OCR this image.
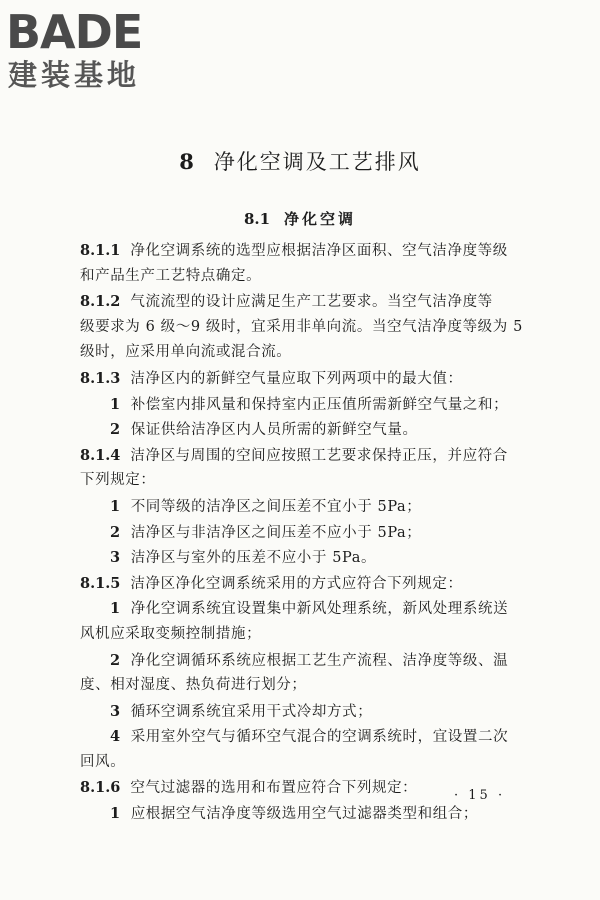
BADE
建装基地
8 净化空调及工艺排风
8.1 净化空调
8.1.1 净化空调系统的选型应根据洁净区面积、空气洁净度等级
和产品生产工艺特点确定。
8.1.2 气流流型的设计应满足生产工艺要求。当空气洁净度等
级要求为 6 级～9 级时，宜采用非单向流。当空气洁净度等级为 5
级时，应采用单向流或混合流。
8.1.3 洁净区内的新鲜空气量应取下列两项中的最大值：
1 补偿室内排风量和保持室内正压值所需新鲜空气量之和；
2 保证供给洁净区内人员所需的新鲜空气量。
8.1.4 洁净区与周围的空间应按照工艺要求保持正压，并应符合
下列规定：
1 不同等级的洁净区之间压差不宜小于 5Pa；
2 洁净区与非洁净区之间压差不应小于 5Pa；
3 洁净区与室外的压差不应小于 5Pa。
8.1.5 洁净区净化空调系统采用的方式应符合下列规定：
1 净化空调系统宜设置集中新风处理系统，新风处理系统送
风机应采取变频控制措施；
2 净化空调循环系统应根据工艺生产流程、洁净度等级、温
度、相对湿度、热负荷进行划分；
3 循环空调系统宜采用干式冷却方式；
4 采用室外空气与循环空气混合的空调系统时，宜设置二次
回风。
8.1.6 空气过滤器的选用和布置应符合下列规定：
1 应根据空气洁净度等级选用空气过滤器类型和组合；
· 15 ·
